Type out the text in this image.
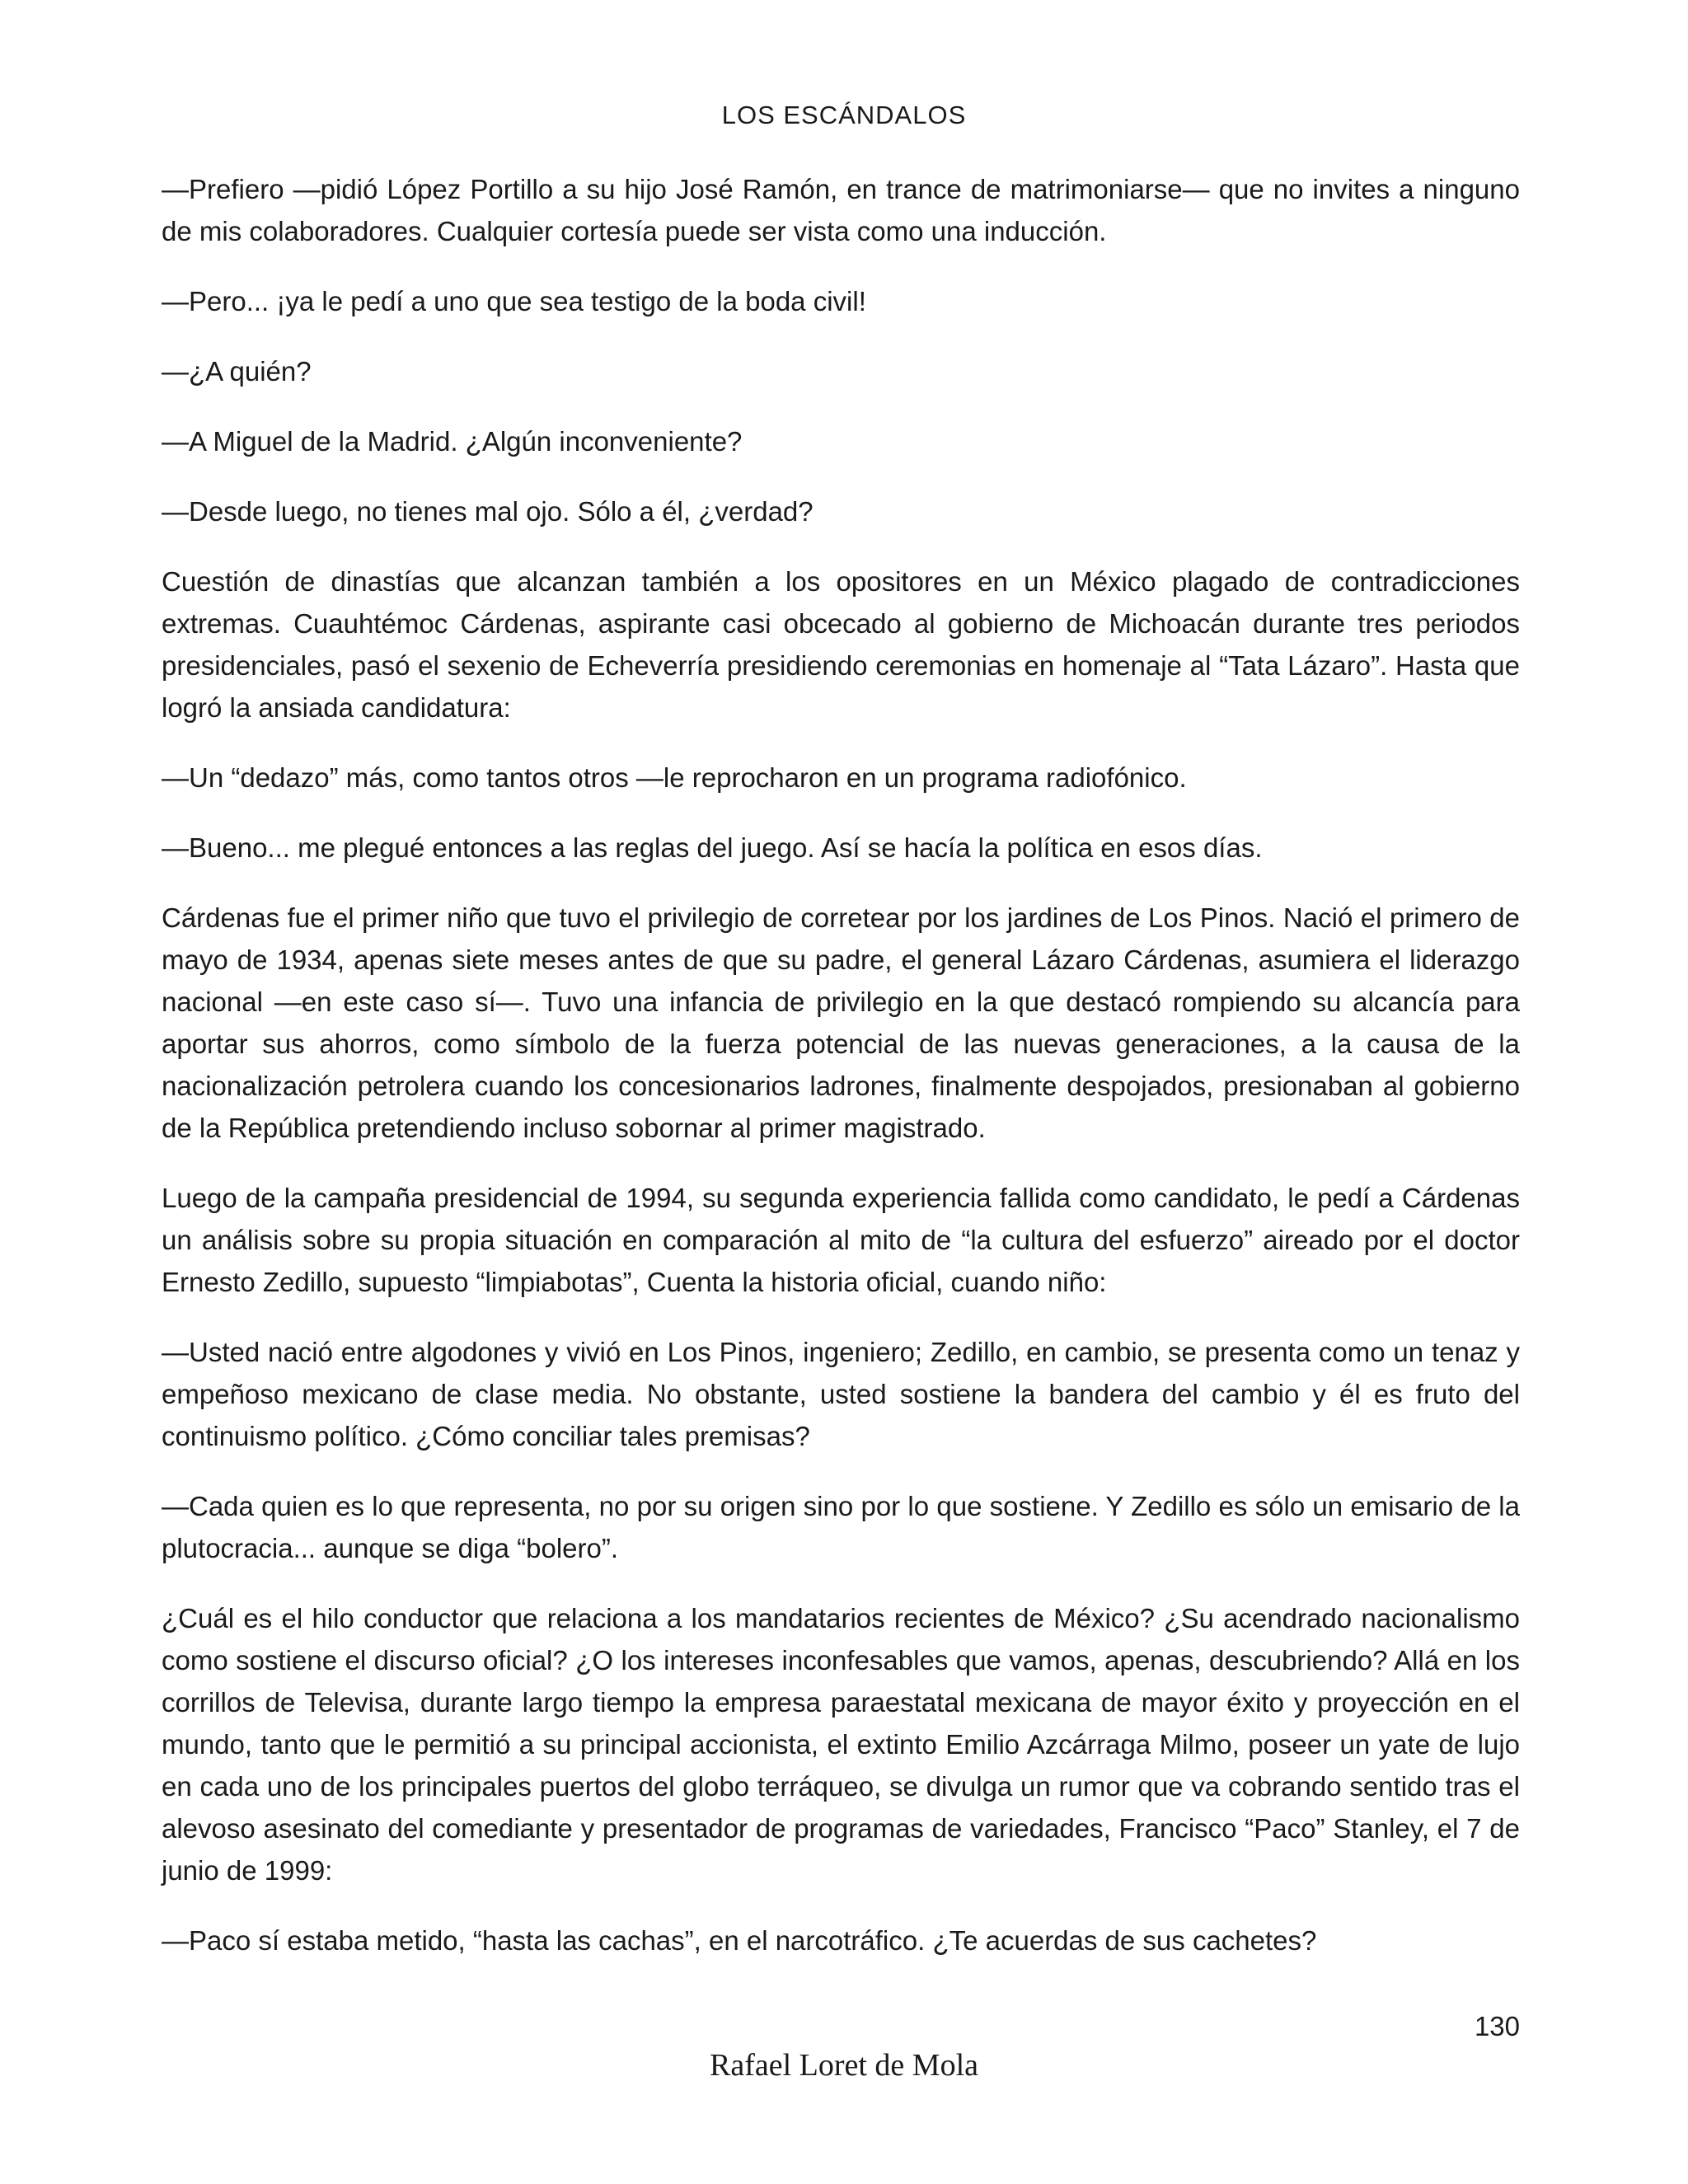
LOS ESCÁNDALOS

—Prefiero —pidió López Portillo a su hijo José Ramón, en trance de matrimoniarse— que no invites a ninguno de mis colaboradores. Cualquier cortesía puede ser vista como una inducción.

—Pero... ¡ya le pedí a uno que sea testigo de la boda civil!

—¿A quién?

—A Miguel de la Madrid. ¿Algún inconveniente?

—Desde luego, no tienes mal ojo. Sólo a él, ¿verdad?

Cuestión de dinastías que alcanzan también a los opositores en un México plagado de contradicciones extremas. Cuauhtémoc Cárdenas, aspirante casi obcecado al gobierno de Michoacán durante tres periodos presidenciales, pasó el sexenio de Echeverría presidiendo ceremonias en homenaje al “Tata Lázaro”. Hasta que logró la ansiada candidatura:

—Un “dedazo” más, como tantos otros —le reprocharon en un programa radiofónico.

—Bueno... me plegué entonces a las reglas del juego. Así se hacía la política en esos días.

Cárdenas fue el primer niño que tuvo el privilegio de corretear por los jardines de Los Pinos. Nació el primero de mayo de 1934, apenas siete meses antes de que su padre, el general Lázaro Cárdenas, asumiera el liderazgo nacional —en este caso sí—. Tuvo una infancia de privilegio en la que destacó rompiendo su alcancía para aportar sus ahorros, como símbolo de la fuerza potencial de las nuevas generaciones, a la causa de la nacionalización petrolera cuando los concesionarios ladrones, finalmente despojados, presionaban al gobierno de la República pretendiendo incluso sobornar al primer magistrado.

Luego de la campaña presidencial de 1994, su segunda experiencia fallida como candidato, le pedí a Cárdenas un análisis sobre su propia situación en comparación al mito de “la cultura del esfuerzo” aireado por el doctor Ernesto Zedillo, supuesto “limpiabotas”, Cuenta la historia oficial, cuando niño:

—Usted nació entre algodones y vivió en Los Pinos, ingeniero; Zedillo, en cambio, se presenta como un tenaz y empeñoso mexicano de clase media. No obstante, usted sostiene la bandera del cambio y él es fruto del continuismo político. ¿Cómo conciliar tales premisas?

—Cada quien es lo que representa, no por su origen sino por lo que sostiene. Y Zedillo es sólo un emisario de la plutocracia... aunque se diga “bolero”.

¿Cuál es el hilo conductor que relaciona a los mandatarios recientes de México? ¿Su acendrado nacionalismo como sostiene el discurso oficial? ¿O los intereses inconfesables que vamos, apenas, descubriendo? Allá en los corrillos de Televisa, durante largo tiempo la empresa paraestatal mexicana de mayor éxito y proyección en el mundo, tanto que le permitió a su principal accionista, el extinto Emilio Azcárraga Milmo, poseer un yate de lujo en cada uno de los principales puertos del globo terráqueo, se divulga un rumor que va cobrando sentido tras el alevoso asesinato del comediante y presentador de programas de variedades, Francisco “Paco” Stanley, el 7 de junio de 1999:

—Paco sí estaba metido, “hasta las cachas”, en el narcotráfico. ¿Te acuerdas de sus cachetes?

130

Rafael Loret de Mola
